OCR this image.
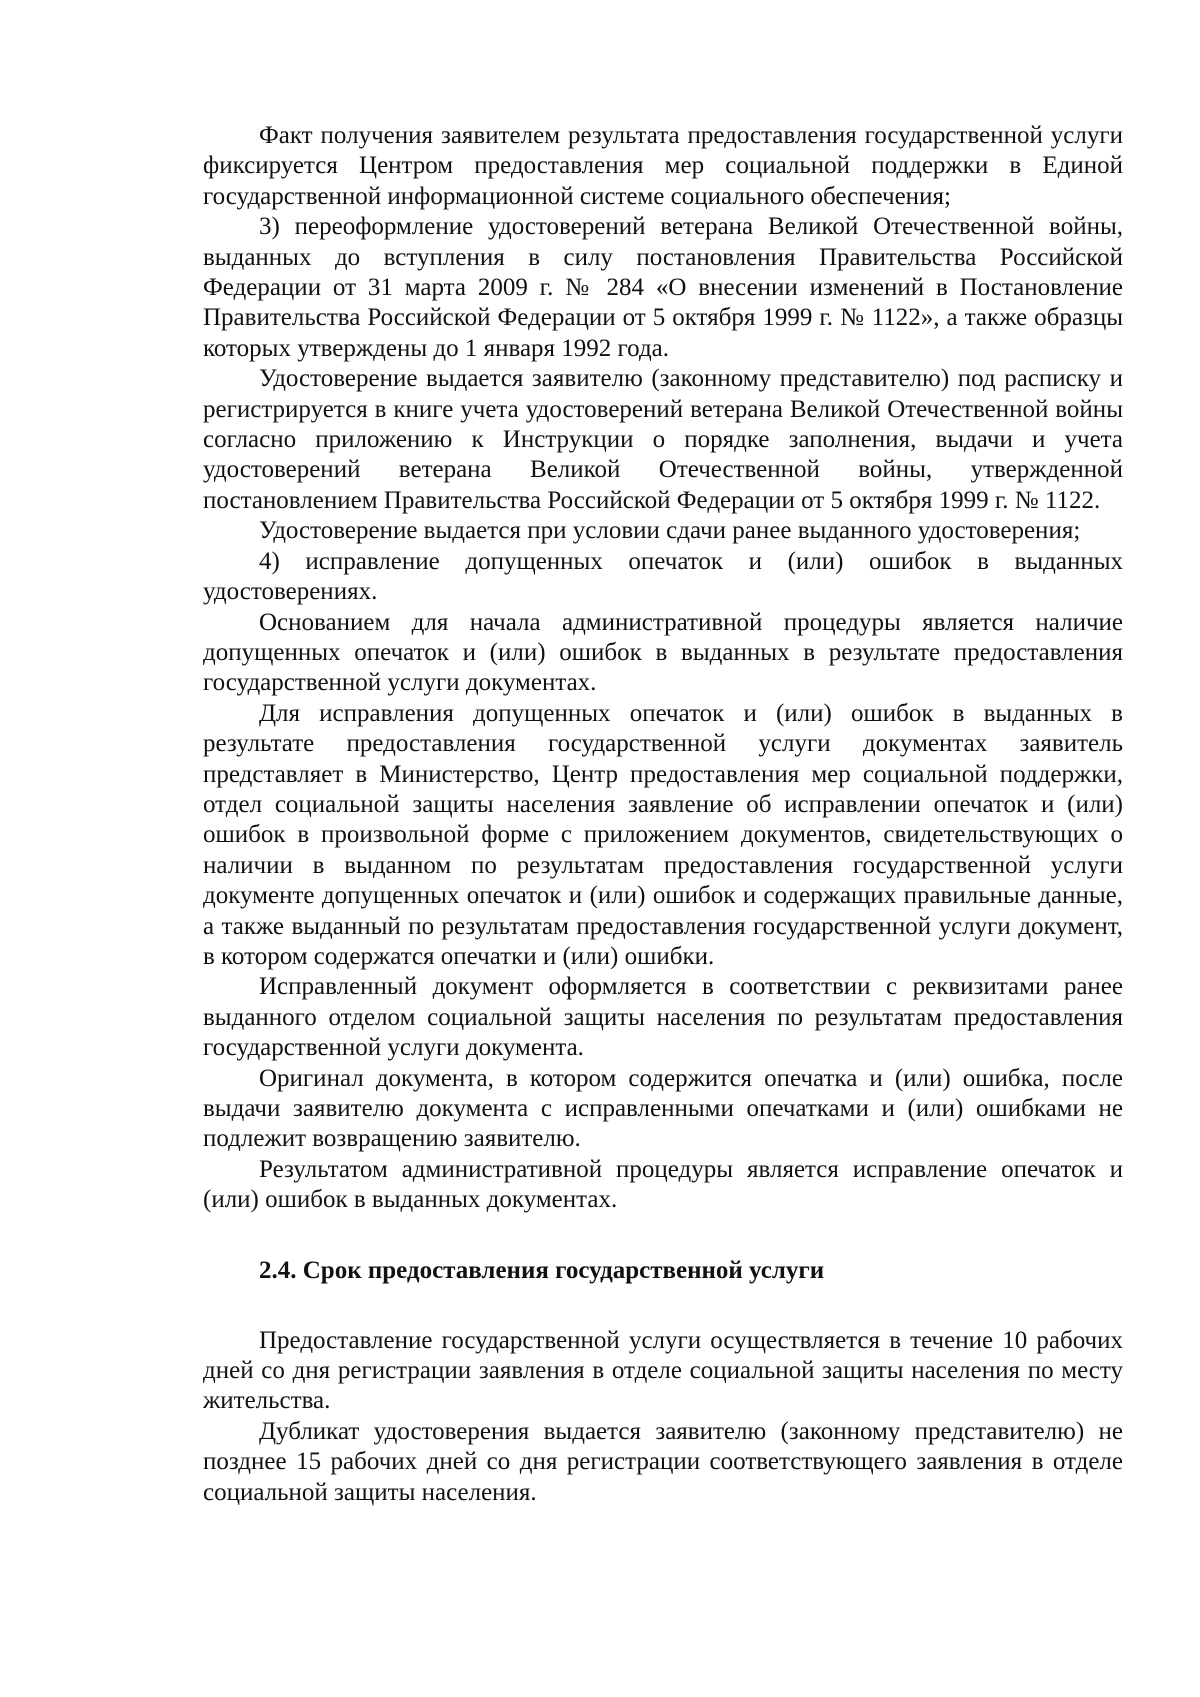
Факт получения заявителем результата предоставления государственной услуги фиксируется Центром предоставления мер социальной поддержки в Единой государственной информационной системе социального обеспечения;

3) переоформление удостоверений ветерана Великой Отечественной войны, выданных до вступления в силу постановления Правительства Российской Федерации от 31 марта 2009 г. № 284 «О внесении изменений в Постановление Правительства Российской Федерации от 5 октября 1999 г. № 1122», а также образцы которых утверждены до 1 января 1992 года.

Удостоверение выдается заявителю (законному представителю) под расписку и регистрируется в книге учета удостоверений ветерана Великой Отечественной войны согласно приложению к Инструкции о порядке заполнения, выдачи и учета удостоверений ветерана Великой Отечественной войны, утвержденной постановлением Правительства Российской Федерации от 5 октября 1999 г. № 1122.

Удостоверение выдается при условии сдачи ранее выданного удостоверения;

4) исправление допущенных опечаток и (или) ошибок в выданных удостоверениях.

Основанием для начала административной процедуры является наличие допущенных опечаток и (или) ошибок в выданных в результате предоставления государственной услуги документах.

Для исправления допущенных опечаток и (или) ошибок в выданных в результате предоставления государственной услуги документах заявитель представляет в Министерство, Центр предоставления мер социальной поддержки, отдел социальной защиты населения заявление об исправлении опечаток и (или) ошибок в произвольной форме с приложением документов, свидетельствующих о наличии в выданном по результатам предоставления государственной услуги документе допущенных опечаток и (или) ошибок и содержащих правильные данные, а также выданный по результатам предоставления государственной услуги документ, в котором содержатся опечатки и (или) ошибки.

Исправленный документ оформляется в соответствии с реквизитами ранее выданного отделом социальной защиты населения по результатам предоставления государственной услуги документа.

Оригинал документа, в котором содержится опечатка и (или) ошибка, после выдачи заявителю документа с исправленными опечатками и (или) ошибками не подлежит возвращению заявителю.

Результатом административной процедуры является исправление опечаток и (или) ошибок в выданных документах.

2.4. Срок предоставления государственной услуги

Предоставление государственной услуги осуществляется в течение 10 рабочих дней со дня регистрации заявления в отделе социальной защиты населения по месту жительства.

Дубликат удостоверения выдается заявителю (законному представителю) не позднее 15 рабочих дней со дня регистрации соответствующего заявления в отделе социальной защиты населения.
